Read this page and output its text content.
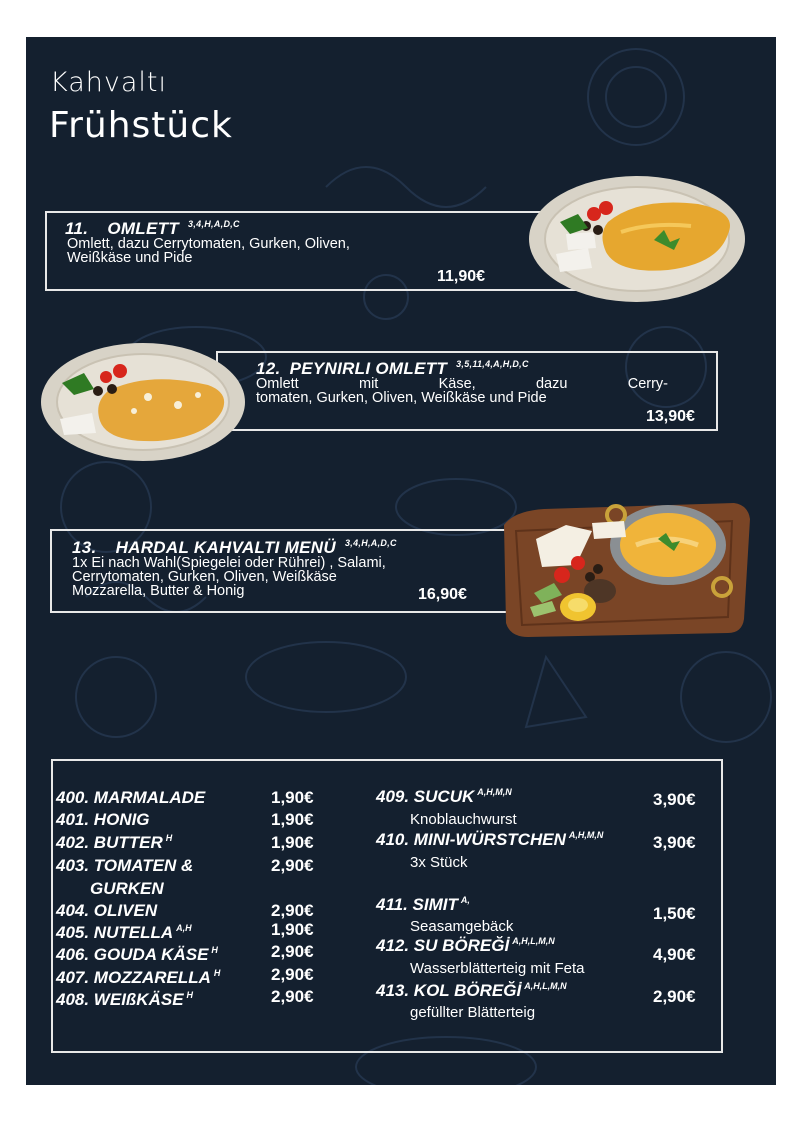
Kahvaltı
Frühstück
11. OMLETT $^{3,4,H,A,D,C}$
Omlett, dazu Cerrytomaten, Gurken, Oliven,
Weißkäse und Pide
11,90€
12. PEYNIRLI OMLETT $^{3,5,11,4,A,H,D,C}$
Omlett	mit	Käse,	dazu	Cerry-
tomaten, Gurken, Oliven, Weißkäse und Pide
13,90€
13. HARDAL KAHVALTI MENÜ $^{3,4,H,A,D,C}$
1x Ei nach Wahl(Spiegelei oder Rührei) , Salami,
Cerrytomaten, Gurken, Oliven, Weißkäse
Mozzarella, Butter & Honig	16,90€
400. MARMALADE	1,90€
401. HONIG	1,90€
402. BUTTER $^H$	1,90€
403. TOMATEN &
GURKEN
2,90€
404. OLIVEN	2,90€
405. NUTELLA $^{A,H}$	1,90€
406. GOUDA KÄSE $^H$	2,90€
407. MOZZARELLA $^H$	2,90€
408. WEIßKÄSE $^H$	2,90€
409. SUCUK $^{A,H,M,N}$
Knoblauchwurst
3,90€
410. MINI-WÜRSTCHEN $^{A,H,M,N}$
3x Stück
3,90€
411. SIMIT $^{A,}$
Seasamgebäck
1,50€
412. SU BÖREĞİ $^{A,H,L,M,N}$
Wasserblätterteig mit Feta
4,90€
413. KOL BÖREĞİ $^{A,H,L,M,N}$
gefüllter Blätterteig
2,90€
